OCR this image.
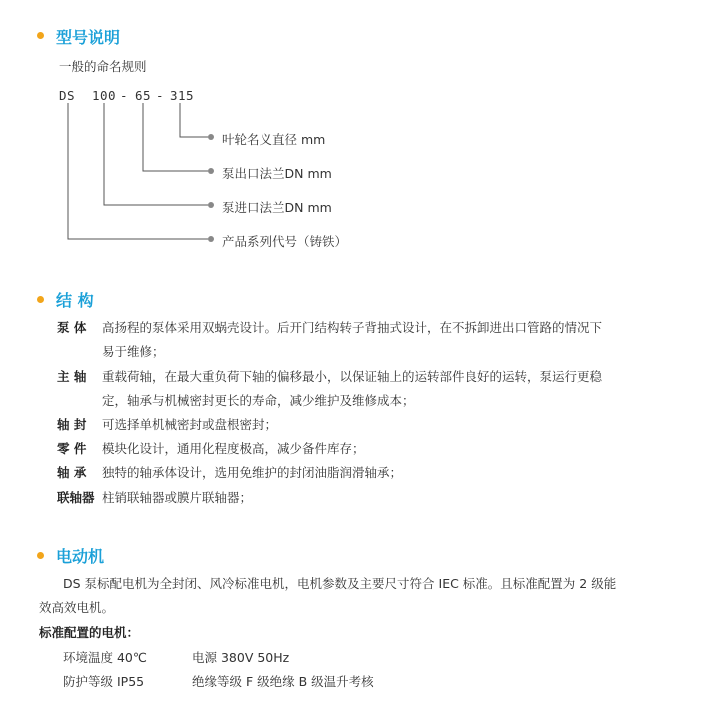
型号说明
一般的命名规则
DS 100 - 65 - 315
叶轮名义直径 mm
泵出口法兰DN mm
泵进口法兰DN mm
产品系列代号（铸铁）
结 构
泵 体 高扬程的泵体采用双蜗壳设计。后开门结构转子背抽式设计，在不拆卸进出口管路的情况下
易于维修；
主 轴 重载荷轴，在最大重负荷下轴的偏移最小，以保证轴上的运转部件良好的运转，泵运行更稳
定，轴承与机械密封更长的寿命，减少维护及维修成本；
轴 封 可选择单机械密封或盘根密封；
零 件 模块化设计，通用化程度极高，减少备件库存；
轴 承 独特的轴承体设计，选用免维护的封闭油脂润滑轴承；
联轴器 柱销联轴器或膜片联轴器；
电动机
DS 泵标配电机为全封闭、风冷标准电机，电机参数及主要尺寸符合 IEC 标准。且标准配置为 2 级能
效高效电机。
标准配置的电机：
环境温度 40℃	电源 380V 50Hz
防护等级 IP55	绝缘等级 F 级绝缘 B 级温升考核
